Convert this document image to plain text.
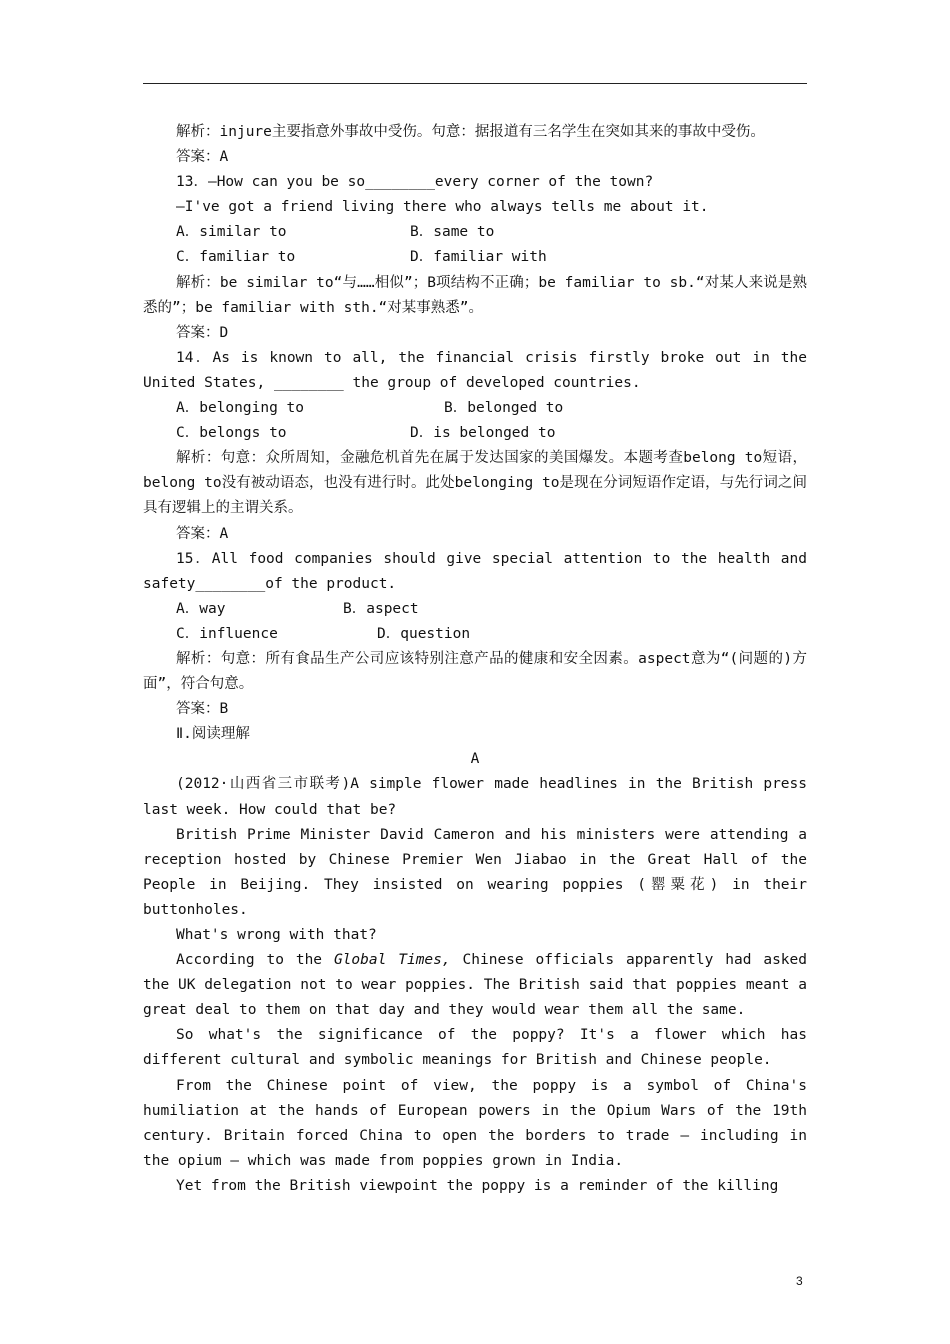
解析：injure主要指意外事故中受伤。句意：据报道有三名学生在突如其来的事故中受伤。

答案：A

13．—How can you be so________every corner of the town?

—I've got a friend living there who always tells me about it.

A．similar to	B．same to

C．familiar to	D．familiar with

解析：be similar to“与……相似”；B项结构不正确；be familiar to sb.“对某人来说是熟悉的”；be familiar with sth.“对某事熟悉”。

答案：D

14．As is known to all, the financial crisis firstly broke out in the United States, ________ the group of developed countries.

A．belonging to	B．belonged to

C．belongs to	D．is belonged to

解析：句意：众所周知，金融危机首先在属于发达国家的美国爆发。本题考查belong to短语，belong to没有被动语态，也没有进行时。此处belonging to是现在分词短语作定语，与先行词之间具有逻辑上的主谓关系。

答案：A

15．All food companies should give special attention to the health and safety________of the product.

A．way	B．aspect

C．influence	D．question

解析：句意：所有食品生产公司应该特别注意产品的健康和安全因素。aspect意为“(问题的)方面”，符合句意。

答案：B

Ⅱ.阅读理解

A

(2012·山西省三市联考)A simple flower made headlines in the British press last week. How could that be?

British Prime Minister David Cameron and his ministers were attending a reception hosted by Chinese Premier Wen Jiabao in the Great Hall of the People in Beijing. They insisted on wearing poppies (罂粟花) in their buttonholes.

What's wrong with that?

According to the Global Times, Chinese officials apparently had asked the UK delegation not to wear poppies. The British said that poppies meant a great deal to them on that day and they would wear them all the same.

So what's the significance of the poppy? It's a flower which has different cultural and symbolic meanings for British and Chinese people.

From the Chinese point of view, the poppy is a symbol of China's humiliation at the hands of European powers in the Opium Wars of the 19th century. Britain forced China to open the borders to trade — including in the opium — which was made from poppies grown in India.

Yet from the British viewpoint the poppy is a reminder of the killing

3
